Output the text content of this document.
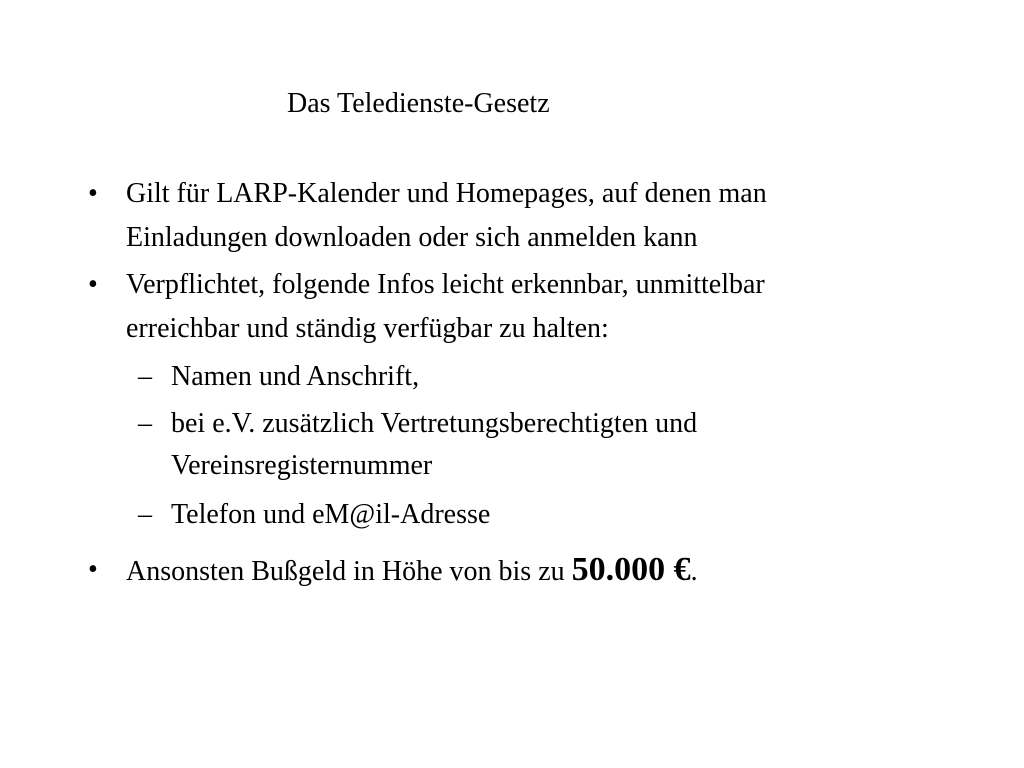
Das Teledienste-Gesetz
• Gilt für LARP-Kalender und Homepages, auf denen man
Einladungen downloaden oder sich anmelden kann
• Verpflichtet, folgende Infos leicht erkennbar, unmittelbar
erreichbar und ständig verfügbar zu halten:
– Namen und Anschrift,
– bei e.V. zusätzlich Vertretungsberechtigten und
Vereinsregisternummer
– Telefon und eM@il-Adresse
• Ansonsten Bußgeld in Höhe von bis zu 50.000 €.
